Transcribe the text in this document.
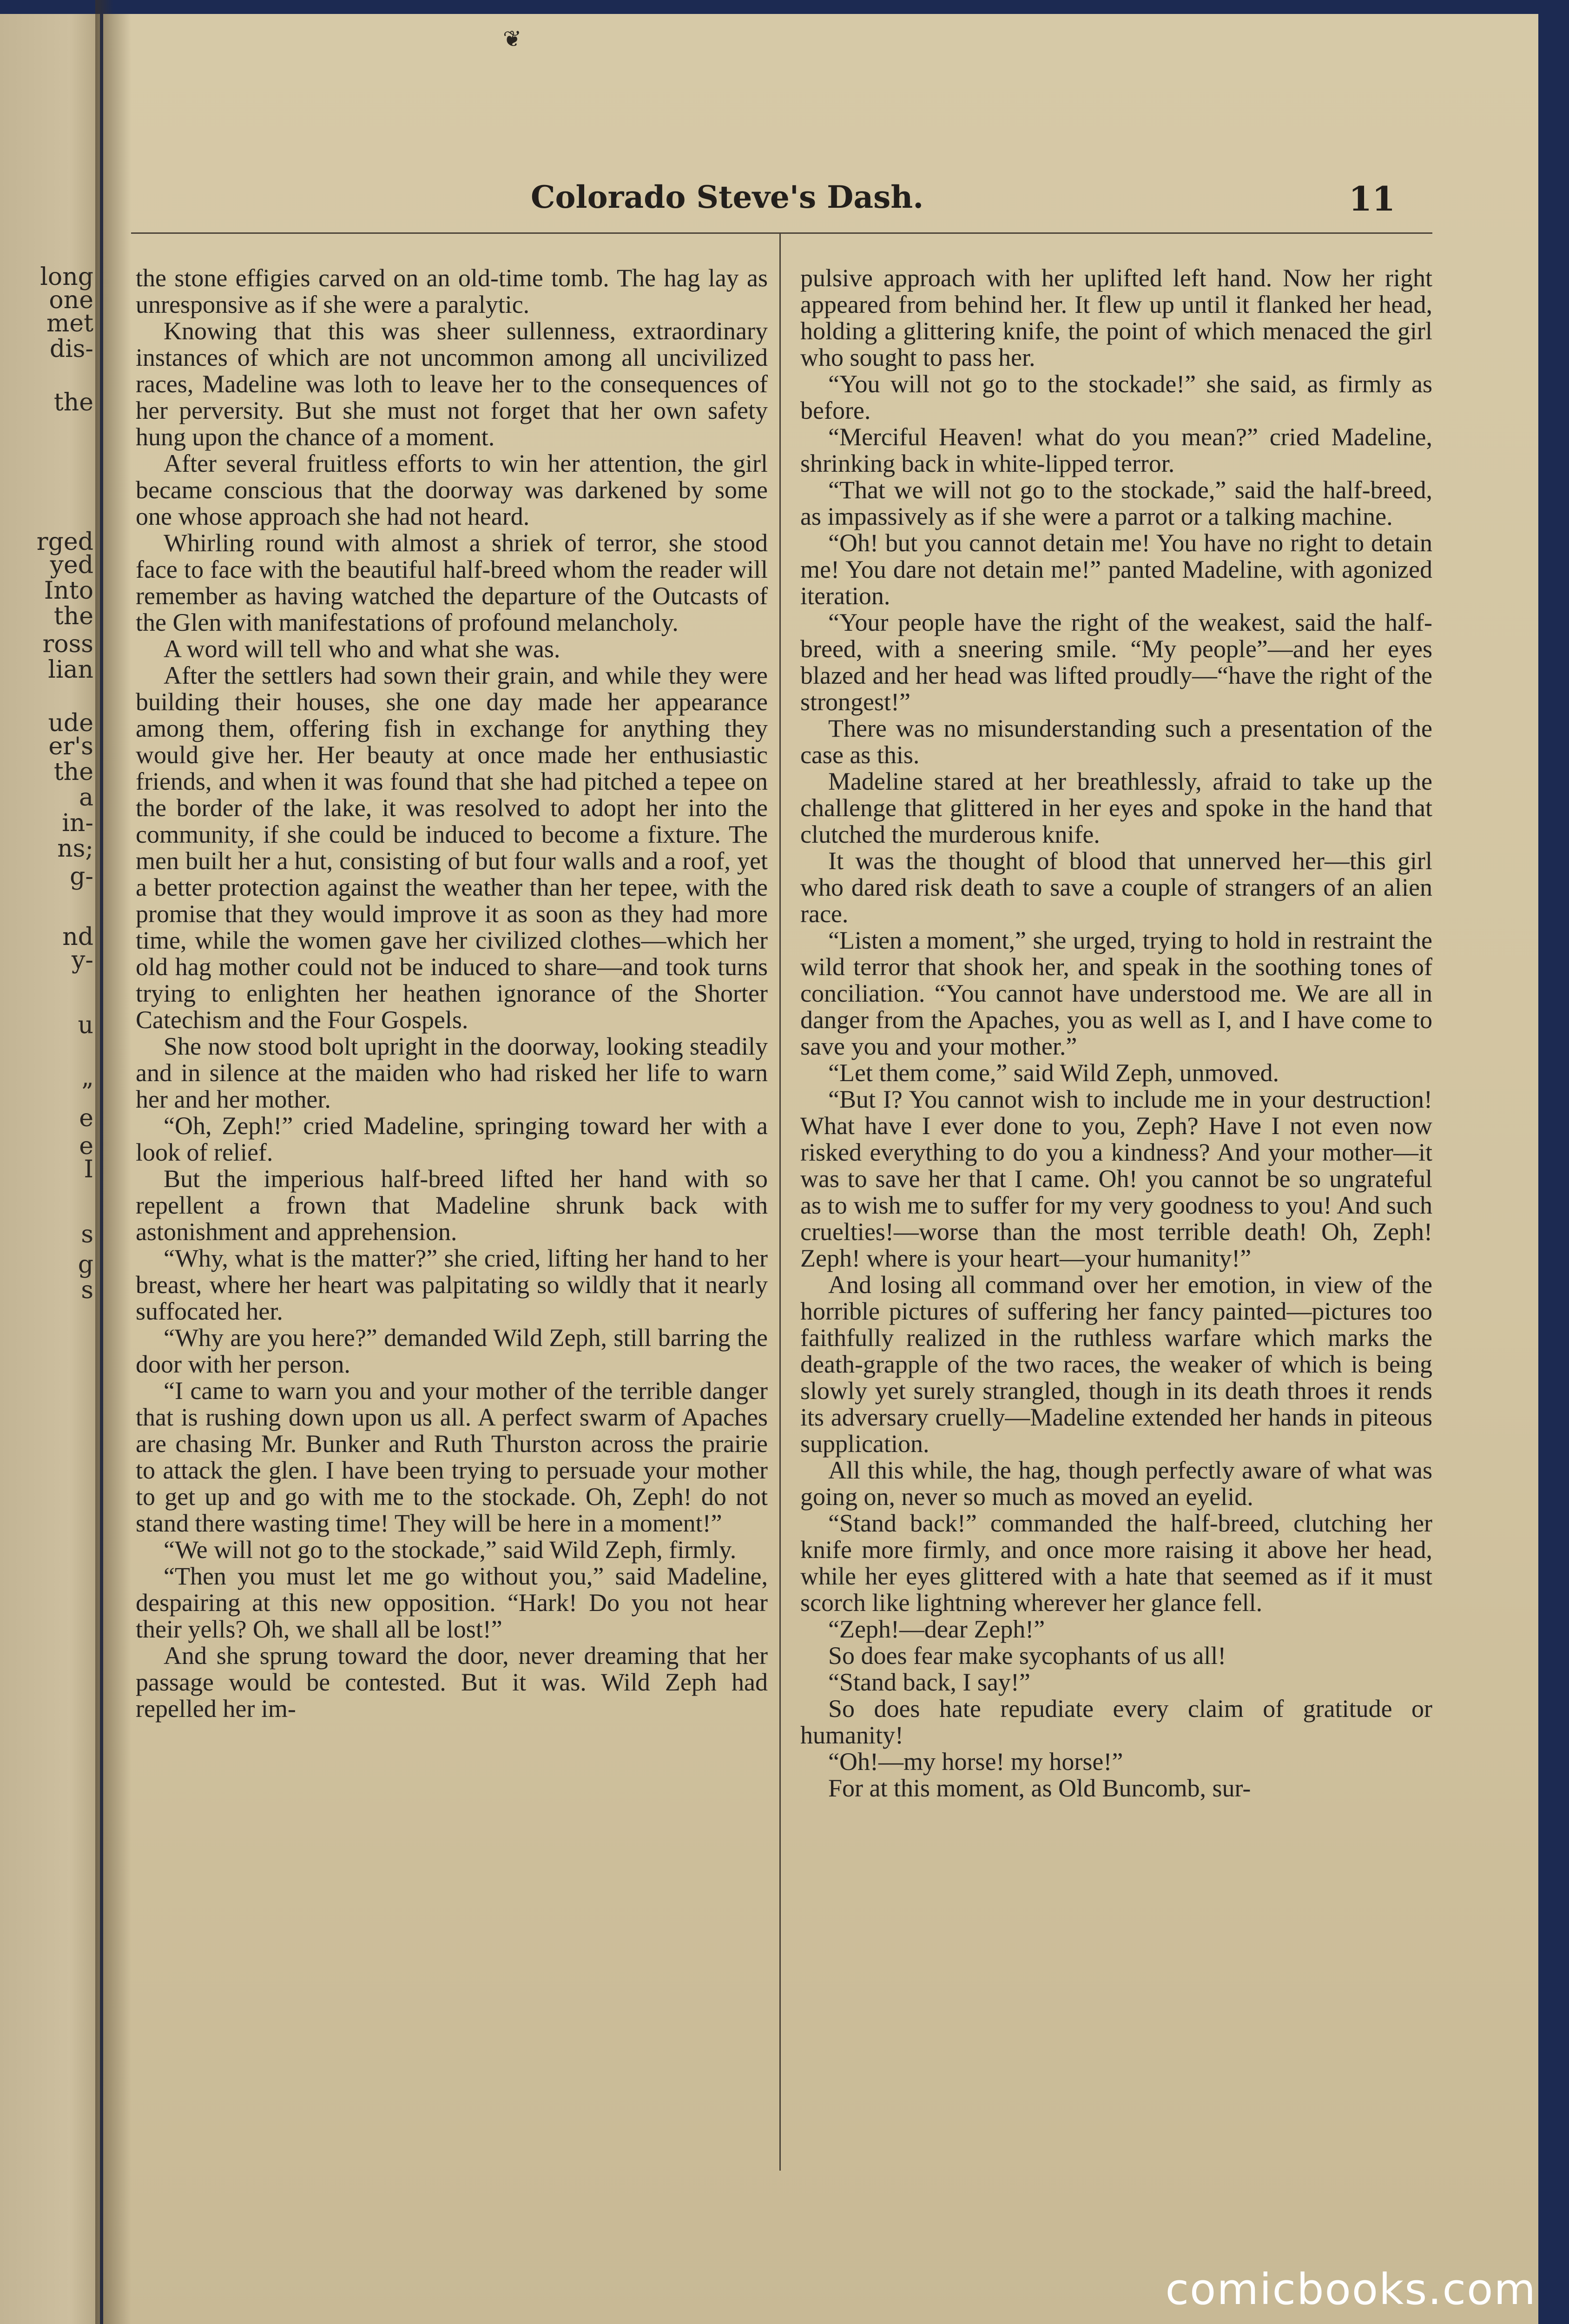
long
one
met
dis-
the
rged
yed
Into
the
ross
lian
ude
er's
the
a
in-
ns;
g-
nd
y-
u
”
e
e
I
s
g
s
❦
Colorado Steve's Dash.	11

the stone effigies carved on an old-time tomb. The hag lay as unresponsive as if she were a paralytic.

Knowing that this was sheer sullenness, extraordinary instances of which are not uncommon among all uncivilized races, Madeline was loth to leave her to the consequences of her perversity. But she must not forget that her own safety hung upon the chance of a moment.

After several fruitless efforts to win her attention, the girl became conscious that the doorway was darkened by some one whose approach she had not heard.

Whirling round with almost a shriek of terror, she stood face to face with the beautiful half-breed whom the reader will remember as having watched the departure of the Outcasts of the Glen with manifestations of profound melancholy.

A word will tell who and what she was.

After the settlers had sown their grain, and while they were building their houses, she one day made her appearance among them, offering fish in exchange for anything they would give her. Her beauty at once made her enthusiastic friends, and when it was found that she had pitched a tepee on the border of the lake, it was resolved to adopt her into the community, if she could be induced to become a fixture. The men built her a hut, consisting of but four walls and a roof, yet a better protection against the weather than her tepee, with the promise that they would improve it as soon as they had more time, while the women gave her civilized clothes—which her old hag mother could not be induced to share—and took turns trying to enlighten her heathen ignorance of the Shorter Catechism and the Four Gospels.

She now stood bolt upright in the doorway, looking steadily and in silence at the maiden who had risked her life to warn her and her mother.

“Oh, Zeph!” cried Madeline, springing toward her with a look of relief.

But the imperious half-breed lifted her hand with so repellent a frown that Madeline shrunk back with astonishment and apprehension.

“Why, what is the matter?” she cried, lifting her hand to her breast, where her heart was palpitating so wildly that it nearly suffocated her.

“Why are you here?” demanded Wild Zeph, still barring the door with her person.

“I came to warn you and your mother of the terrible danger that is rushing down upon us all. A perfect swarm of Apaches are chasing Mr. Bunker and Ruth Thurston across the prairie to attack the glen. I have been trying to persuade your mother to get up and go with me to the stockade. Oh, Zeph! do not stand there wasting time! They will be here in a moment!”

“We will not go to the stockade,” said Wild Zeph, firmly.

“Then you must let me go without you,” said Madeline, despairing at this new opposition. “Hark! Do you not hear their yells? Oh, we shall all be lost!”

And she sprung toward the door, never dreaming that her passage would be contested. But it was. Wild Zeph had repelled her im-

pulsive approach with her uplifted left hand. Now her right appeared from behind her. It flew up until it flanked her head, holding a glittering knife, the point of which menaced the girl who sought to pass her.

“You will not go to the stockade!” she said, as firmly as before.

“Merciful Heaven! what do you mean?” cried Madeline, shrinking back in white-lipped terror.

“That we will not go to the stockade,” said the half-breed, as impassively as if she were a parrot or a talking machine.

“Oh! but you cannot detain me! You have no right to detain me! You dare not detain me!” panted Madeline, with agonized iteration.

“Your people have the right of the weakest, said the half-breed, with a sneering smile. “My people”—and her eyes blazed and her head was lifted proudly—“have the right of the strongest!”

There was no misunderstanding such a presentation of the case as this.

Madeline stared at her breathlessly, afraid to take up the challenge that glittered in her eyes and spoke in the hand that clutched the murderous knife.

It was the thought of blood that unnerved her—this girl who dared risk death to save a couple of strangers of an alien race.

“Listen a moment,” she urged, trying to hold in restraint the wild terror that shook her, and speak in the soothing tones of conciliation. “You cannot have understood me. We are all in danger from the Apaches, you as well as I, and I have come to save you and your mother.”

“Let them come,” said Wild Zeph, unmoved.

“But I? You cannot wish to include me in your destruction! What have I ever done to you, Zeph? Have I not even now risked everything to do you a kindness? And your mother—it was to save her that I came. Oh! you cannot be so ungrateful as to wish me to suffer for my very goodness to you! And such cruelties!—worse than the most terrible death! Oh, Zeph! Zeph! where is your heart—your humanity!”

And losing all command over her emotion, in view of the horrible pictures of suffering her fancy painted—pictures too faithfully realized in the ruthless warfare which marks the death-grapple of the two races, the weaker of which is being slowly yet surely strangled, though in its death throes it rends its adversary cruelly—Madeline extended her hands in piteous supplication.

All this while, the hag, though perfectly aware of what was going on, never so much as moved an eyelid.

“Stand back!” commanded the half-breed, clutching her knife more firmly, and once more raising it above her head, while her eyes glittered with a hate that seemed as if it must scorch like lightning wherever her glance fell.

“Zeph!—dear Zeph!”

So does fear make sycophants of us all!

“Stand back, I say!”

So does hate repudiate every claim of gratitude or humanity!

“Oh!—my horse! my horse!”

For at this moment, as Old Buncomb, sur-

comicbooks.com
